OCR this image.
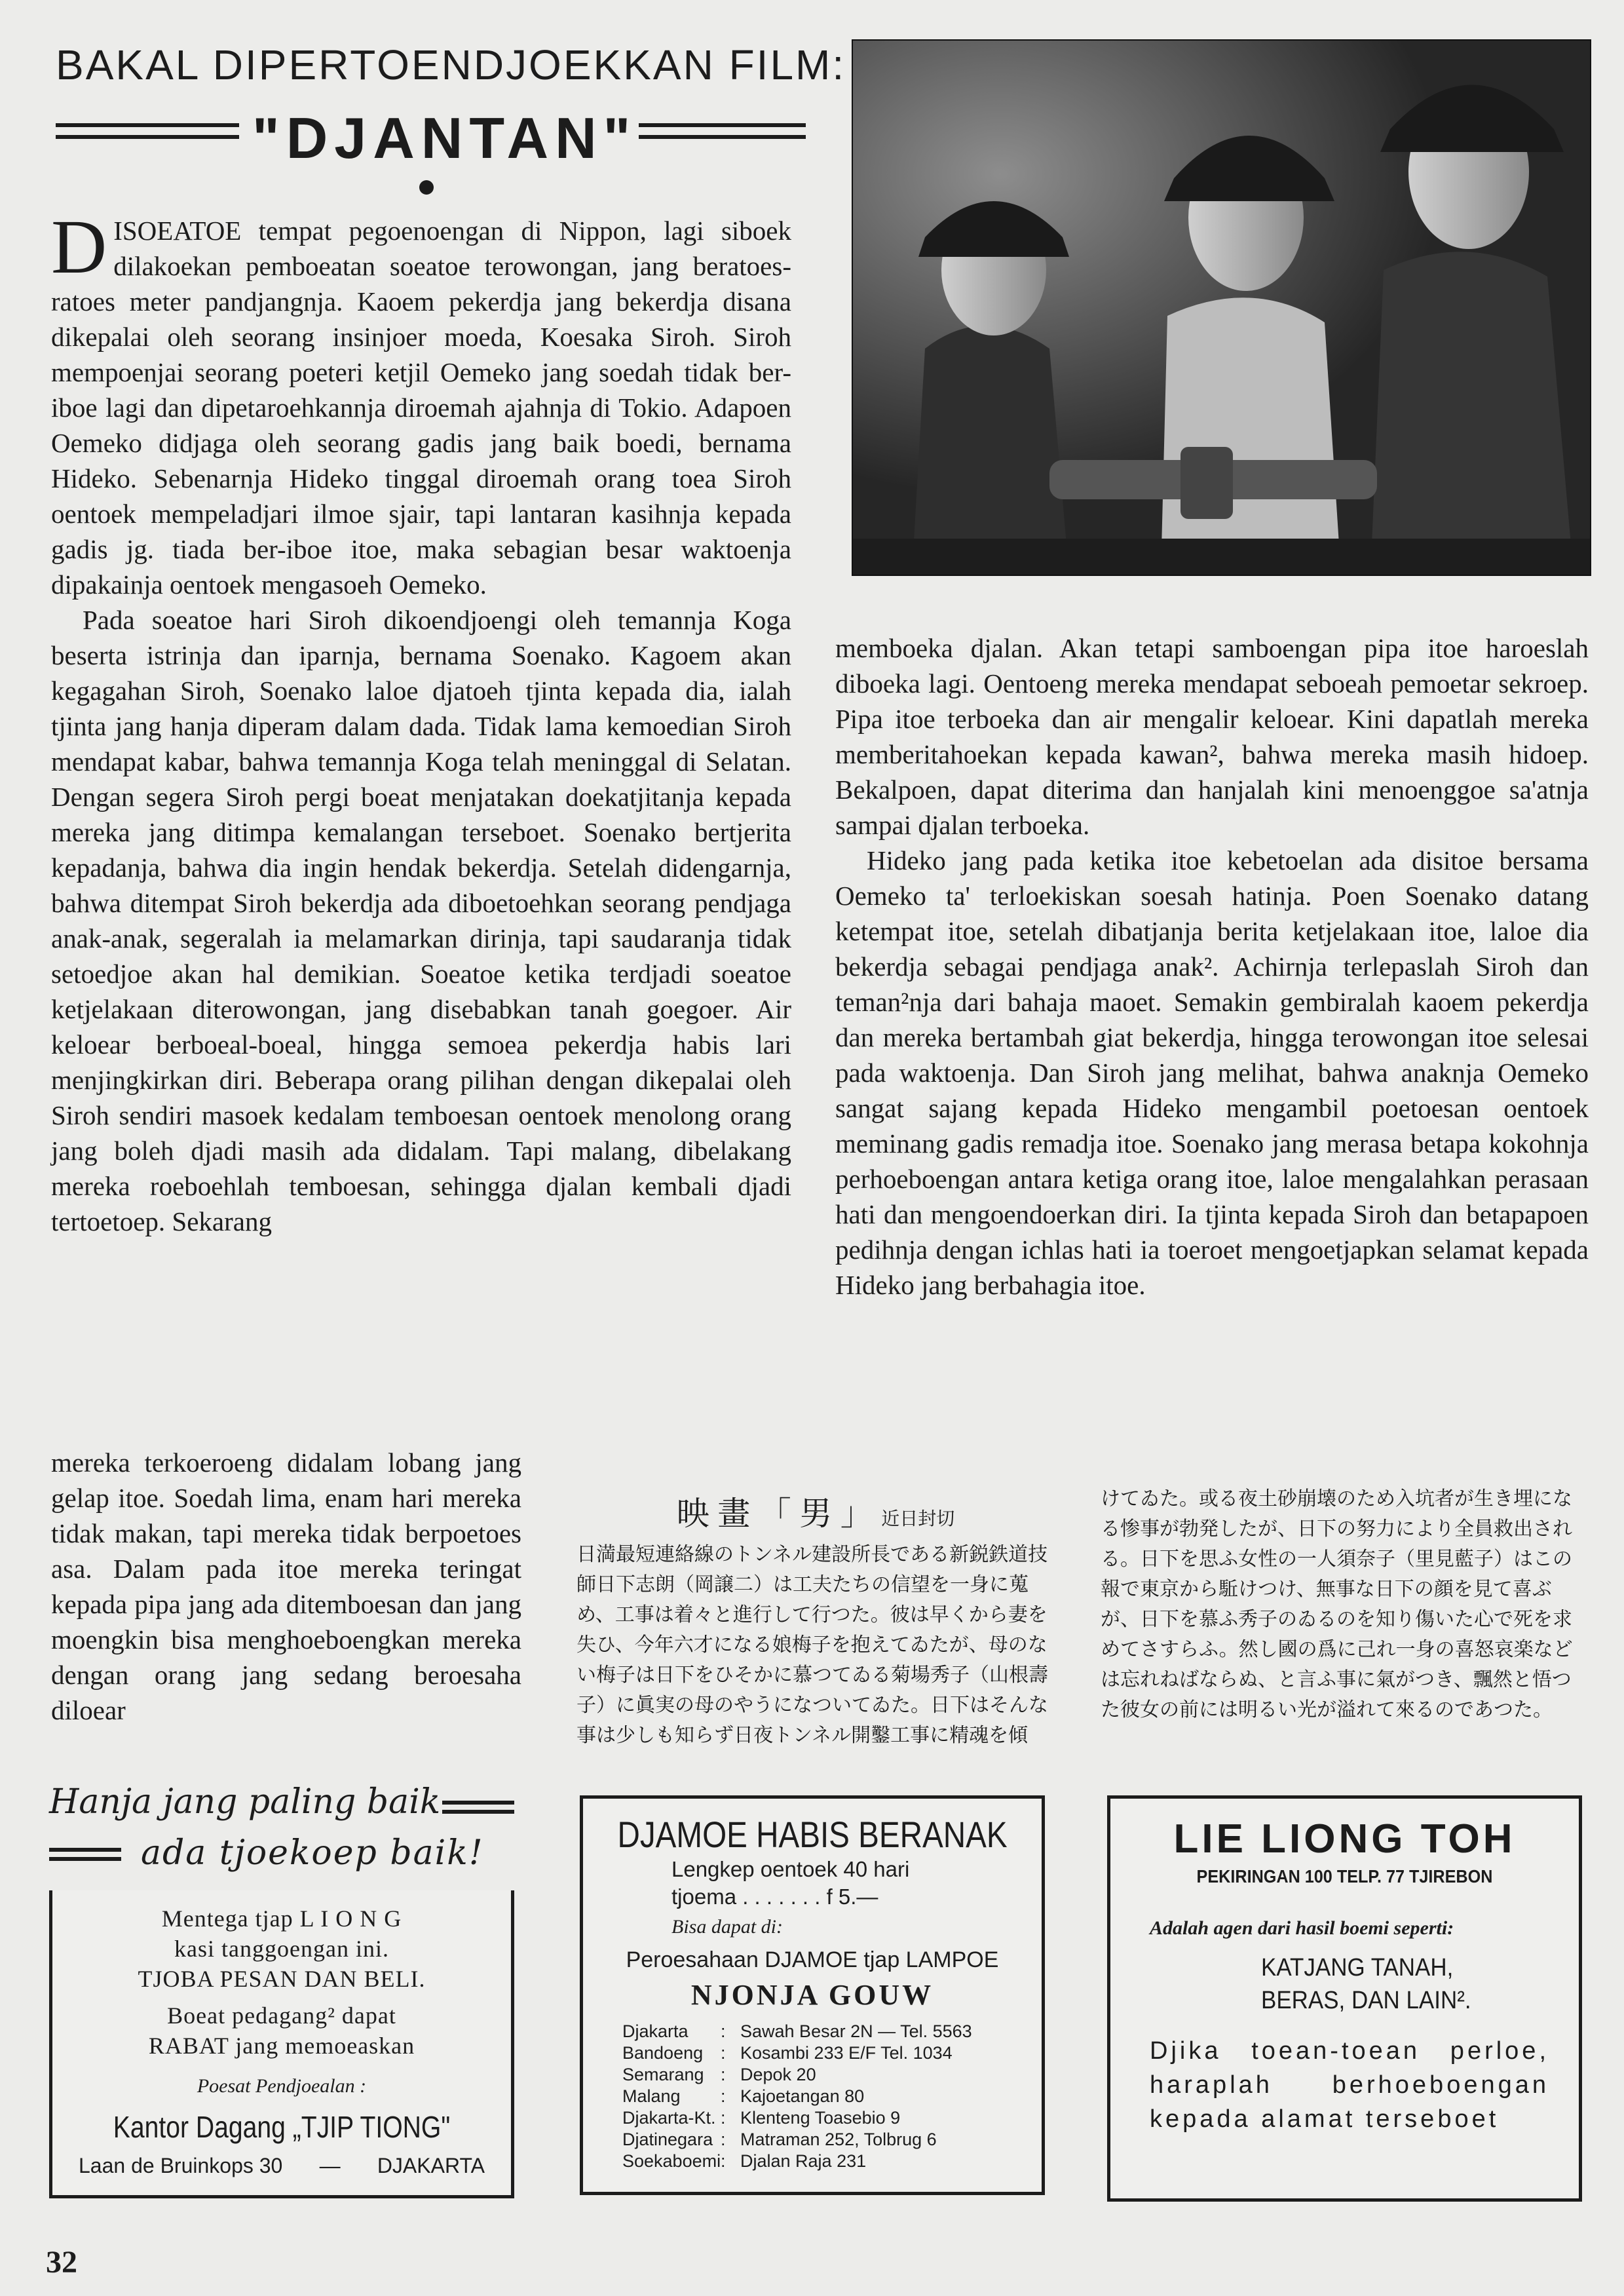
BAKAL DIPERTOENDJOEKKAN FILM:
"DJANTAN"

DISOEATOE tempat pegoenoengan di Nippon, lagi siboek dilakoekan pemboeatan soeatoe terowongan, jang beratoes-ratoes meter pandjangnja. Kaoem pekerdja jang bekerdja disana dikepalai oleh seorang insinjoer moeda, Koesaka Siroh. Siroh mempoenjai seorang poeteri ketjil Oemeko jang soedah tidak ber-iboe lagi dan dipetaroehkannja diroemah ajahnja di Tokio. Adapoen Oemeko didjaga oleh seorang gadis jang baik boedi, bernama Hideko. Sebenarnja Hideko tinggal diroemah orang toea Siroh oentoek mempeladjari ilmoe sjair, tapi lantaran kasihnja kepada gadis jg. tiada ber-iboe itoe, maka sebagian besar waktoenja dipakainja oentoek mengasoeh Oemeko.

Pada soeatoe hari Siroh dikoendjoengi oleh temannja Koga beserta istrinja dan iparnja, bernama Soenako. Kagoem akan kegagahan Siroh, Soenako laloe djatoeh tjinta kepada dia, ialah tjinta jang hanja diperam dalam dada. Tidak lama kemoedian Siroh mendapat kabar, bahwa temannja Koga telah meninggal di Selatan. Dengan segera Siroh pergi boeat menjatakan doekatjitanja kepada mereka jang ditimpa kemalangan terseboet. Soenako bertjerita kepadanja, bahwa dia ingin hendak bekerdja. Setelah didengarnja, bahwa ditempat Siroh bekerdja ada diboetoehkan seorang pendjaga anak-anak, segeralah ia melamarkan dirinja, tapi saudaranja tidak setoedjoe akan hal demikian. Soeatoe ketika terdjadi soeatoe ketjelakaan diterowongan, jang disebabkan tanah goegoer. Air keloear berboeal-boeal, hingga semoea pekerdja habis lari menjingkirkan diri. Beberapa orang pilihan dengan dikepalai oleh Siroh sendiri masoek kedalam temboesan oentoek menolong orang jang boleh djadi masih ada didalam. Tapi malang, dibelakang mereka roeboehlah temboesan, sehingga djalan kembali djadi tertoetoep. Sekarang

mereka terkoeroeng didalam lobang jang gelap itoe. Soedah lima, enam hari mereka tidak makan, tapi mereka tidak berpoetoes asa. Dalam pada itoe mereka teringat kepada pipa jang ada ditemboesan dan jang moengkin bisa menghoeboengkan mereka dengan orang jang sedang beroesaha diloear

memboeka djalan. Akan tetapi samboengan pipa itoe haroeslah diboeka lagi. Oentoeng mereka mendapat seboeah pemoetar sekroep. Pipa itoe terboeka dan air mengalir keloear. Kini dapatlah mereka memberitahoekan kepada kawan², bahwa mereka masih hidoep. Bekalpoen, dapat diterima dan hanjalah kini menoenggoe sa'atnja sampai djalan terboeka.

Hideko jang pada ketika itoe kebetoelan ada disitoe bersama Oemeko ta' terloekiskan soesah hatinja. Poen Soenako datang ketempat itoe, setelah dibatjanja berita ketjelakaan itoe, laloe dia bekerdja sebagai pendjaga anak². Achirnja terlepaslah Siroh dan teman²nja dari bahaja maoet. Semakin gembiralah kaoem pekerdja dan mereka bertambah giat bekerdja, hingga terowongan itoe selesai pada waktoenja. Dan Siroh jang melihat, bahwa anaknja Oemeko sangat sajang kepada Hideko mengambil poetoesan oentoek meminang gadis remadja itoe. Soenako jang merasa betapa kokohnja perhoeboengan antara ketiga orang itoe, laloe mengalahkan perasaan hati dan mengoendoerkan diri. Ia tjinta kepada Siroh dan betapapoen pedihnja dengan ichlas hati ia toeroet mengoetjapkan selamat kepada Hideko jang berbahagia itoe.

映 畫 「 男 」 近日封切
日満最短連絡線のトンネル建設所長である新鋭鉄道技師日下志朗（岡譲二）は工夫たちの信望を一身に蒐め、工事は着々と進行して行つた。彼は早くから妻を失ひ、今年六才になる娘梅子を抱えてゐたが、母のない梅子は日下をひそかに慕つてゐる菊場秀子（山根壽子）に眞実の母のやうになついてゐた。日下はそんな事は少しも知らず日夜トンネル開鑿工事に精魂を傾
けてゐた。或る夜土砂崩壊のため入坑者が生き埋になる惨事が勃発したが、日下の努力により全員救出される。日下を思ふ女性の一人須奈子（里見藍子）はこの報で東京から駈けつけ、無事な日下の顔を見て喜ぶが、日下を慕ふ秀子のゐるのを知り傷いた心で死を求めてさすらふ。然し國の爲に己れ一身の喜怒哀楽などは忘れねばならぬ、と言ふ事に氣がつき、飄然と悟つた彼女の前には明るい光が溢れて來るのであつた。
Hanja jang paling baik
ada tjoekoep baik!
Mentega tjap L I O N G
kasi tanggoengan ini.
TJOBA PESAN DAN BELI.
Boeat pedagang² dapat
RABAT jang memoeaskan
Poesat Pendjoealan :
Kantor Dagang „TJIP TIONG"
Laan de Bruinkops 30 — DJAKARTA
DJAMOE HABIS BERANAK
Lengkep oentoek 40 hari
tjoema . . . . . . . f 5.—
Bisa dapat di:
Peroesahaan DJAMOE tjap LAMPOE
NJONJA GOUW
Djakarta	: Sawah Besar 2N — Tel. 5563
Bandoeng : Kosambi 233 E/F Tel. 1034
Semarang : Depok 20
Malang	: Kajoetangan 80
Djakarta-Kt. : Klenteng Toasebio 9
Djatinegara : Matraman 252, Tolbrug 6
Soekaboemi : Djalan Raja 231
LIE LIONG TOH
PEKIRINGAN 100 TELP. 77 TJIREBON
Adalah agen dari hasil boemi seperti:
KATJANG TANAH,
BERAS, DAN LAIN².
Djika toean-toean perloe, haraplah berhoeboengan kepada alamat terseboet
32
